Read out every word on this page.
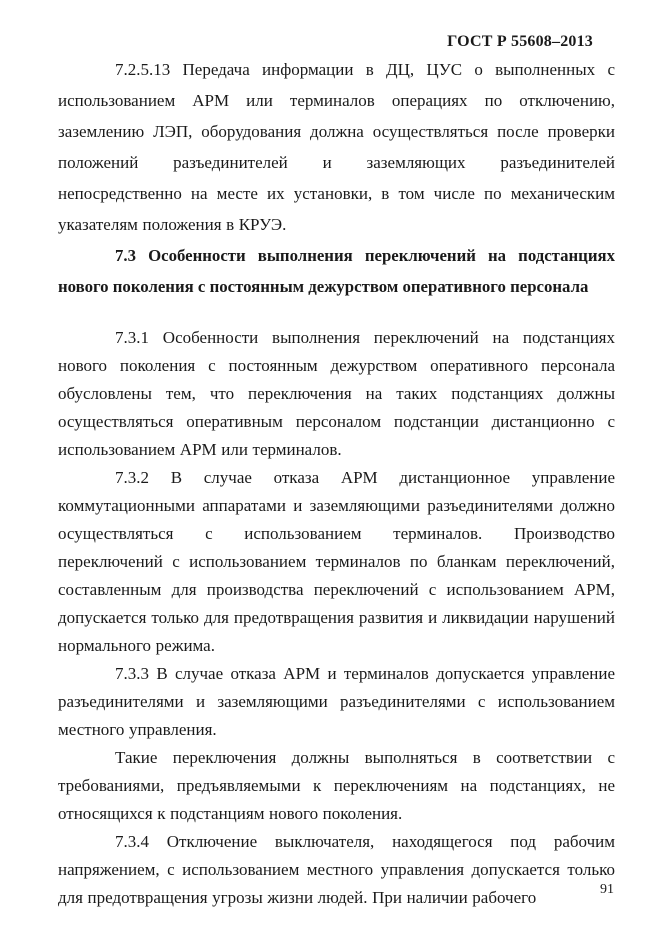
ГОСТ Р 55608–2013

7.2.5.13 Передача информации в ДЦ, ЦУС о выполненных с использованием АРМ или терминалов операциях по отключению, заземлению ЛЭП, оборудования должна осуществляться после проверки положений разъединителей и заземляющих разъединителей непосредственно на месте их установки, в том числе по механическим указателям положения в КРУЭ.

7.3 Особенности выполнения переключений на подстанциях нового поколения с постоянным дежурством оперативного персонала

7.3.1 Особенности выполнения переключений на подстанциях нового поколения с постоянным дежурством оперативного персонала обусловлены тем, что переключения на таких подстанциях должны осуществляться оперативным персоналом подстанции дистанционно с использованием АРМ или терминалов.

7.3.2 В случае отказа АРМ дистанционное управление коммутационными аппаратами и заземляющими разъединителями должно осуществляться с использованием терминалов. Производство переключений с использованием терминалов по бланкам переключений, составленным для производства переключений с использованием АРМ, допускается только для предотвращения развития и ликвидации нарушений нормального режима.

7.3.3 В случае отказа АРМ и терминалов допускается управление разъединителями и заземляющими разъединителями с использованием местного управления.

Такие переключения должны выполняться в соответствии с требованиями, предъявляемыми к переключениям на подстанциях, не относящихся к подстанциям нового поколения.

7.3.4 Отключение выключателя, находящегося под рабочим напряжением, с использованием местного управления допускается только для предотвращения угрозы жизни людей. При наличии рабочего	91
